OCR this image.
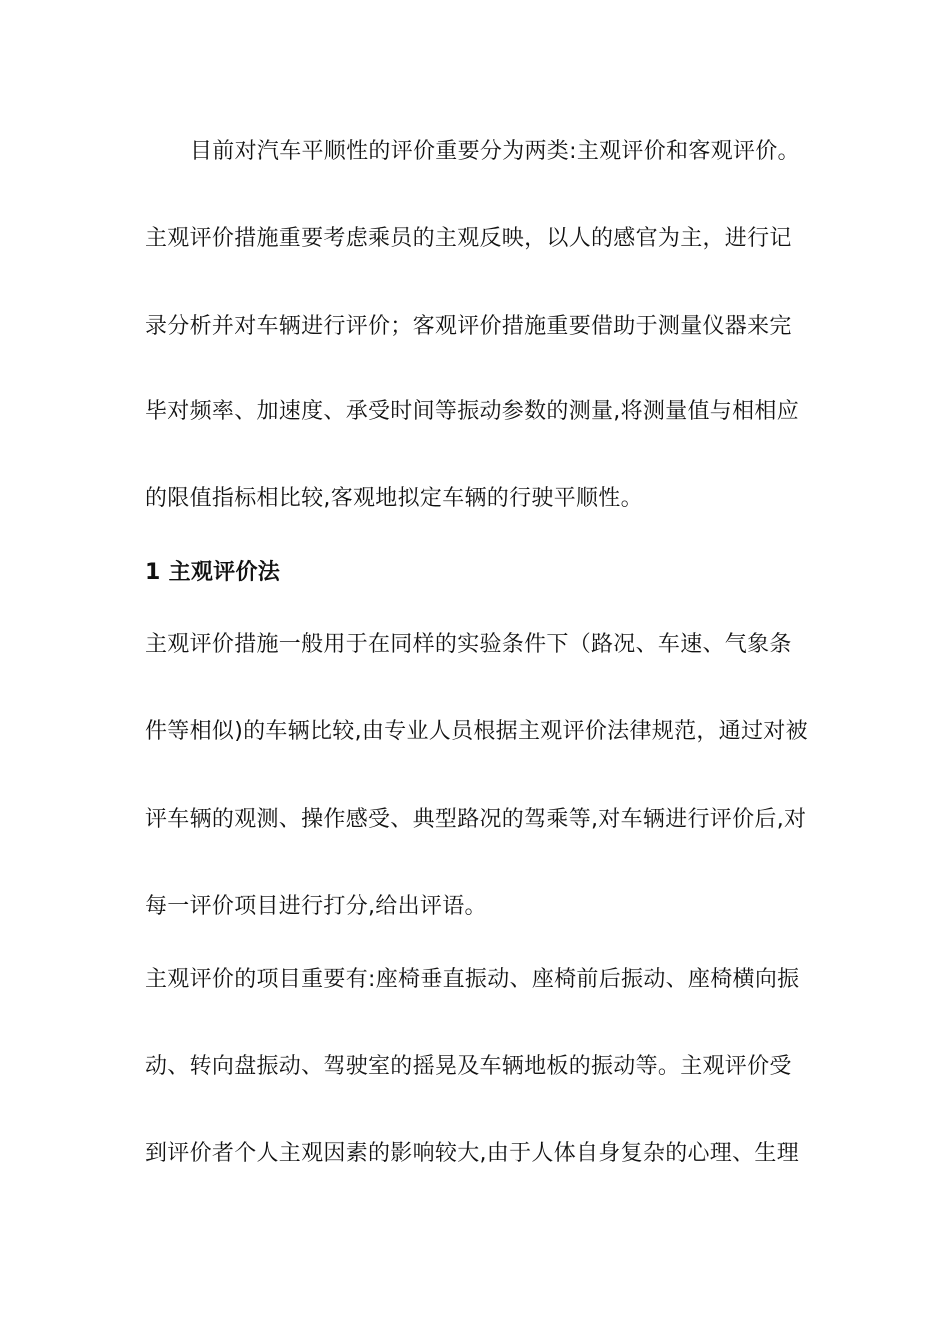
目前对汽车平顺性的评价重要分为两类:主观评价和客观评价。
主观评价措施重要考虑乘员的主观反映，以人的感官为主，进行记
录分析并对车辆进行评价；客观评价措施重要借助于测量仪器来完
毕对频率、加速度、承受时间等振动参数的测量,将测量值与相相应
的限值指标相比较,客观地拟定车辆的行驶平顺性。
1 主观评价法
主观评价措施一般用于在同样的实验条件下（路况、车速、气象条
件等相似)的车辆比较,由专业人员根据主观评价法律规范，通过对被
评车辆的观测、操作感受、典型路况的驾乘等,对车辆进行评价后,对
每一评价项目进行打分,给出评语。
主观评价的项目重要有:座椅垂直振动、座椅前后振动、座椅横向振
动、转向盘振动、驾驶室的摇晃及车辆地板的振动等。主观评价受
到评价者个人主观因素的影响较大,由于人体自身复杂的心理、生理
